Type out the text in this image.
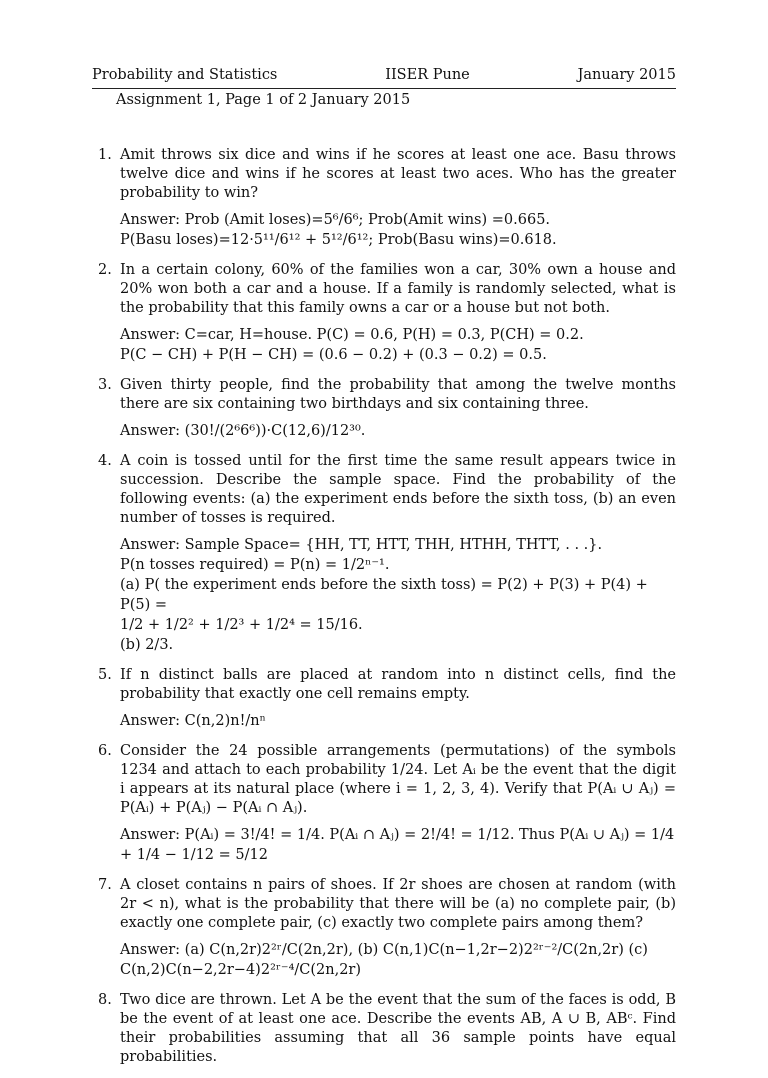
Probability and Statistics	IISER Pune	January 2015
Assignment 1, Page 1 of 2 January 2015
1. Amit throws six dice and wins if he scores at least one ace. Basu throws twelve dice and wins if he scores at least two aces. Who has the greater probability to win?
Answer: Prob (Amit loses)=5⁶/6⁶; Prob(Amit wins) =0.665.
P(Basu loses)=12·5¹¹/6¹² + 5¹²/6¹²; Prob(Basu wins)=0.618.
2. In a certain colony, 60% of the families won a car, 30% own a house and 20% won both a car and a house. If a family is randomly selected, what is the probability that this family owns a car or a house but not both.
Answer: C=car, H=house. P(C) = 0.6, P(H) = 0.3, P(CH) = 0.2.
P(C − CH) + P(H − CH) = (0.6 − 0.2) + (0.3 − 0.2) = 0.5.
3. Given thirty people, find the probability that among the twelve months there are six containing two birthdays and six containing three.
Answer: (30!/(2⁶6⁶))·C(12,6)/12³⁰.
4. A coin is tossed until for the first time the same result appears twice in succession. Describe the sample space. Find the probability of the following events: (a) the experiment ends before the sixth toss, (b) an even number of tosses is required.
Answer: Sample Space= {HH, TT, HTT, THH, HTHH, THTT, . . .}.
P(n tosses required) = P(n) = 1/2ⁿ⁻¹.
(a) P( the experiment ends before the sixth toss) = P(2) + P(3) + P(4) + P(5) =
1/2 + 1/2² + 1/2³ + 1/2⁴ = 15/16.
(b) 2/3.
5. If n distinct balls are placed at random into n distinct cells, find the probability that exactly one cell remains empty.
Answer: C(n,2)n!/nⁿ
6. Consider the 24 possible arrangements (permutations) of the symbols 1234 and attach to each probability 1/24. Let Aᵢ be the event that the digit i appears at its natural place (where i = 1, 2, 3, 4). Verify that P(Aᵢ ∪ Aⱼ) = P(Aᵢ) + P(Aⱼ) − P(Aᵢ ∩ Aⱼ).
Answer: P(Aᵢ) = 3!/4! = 1/4. P(Aᵢ ∩ Aⱼ) = 2!/4! = 1/12. Thus P(Aᵢ ∪ Aⱼ) = 1/4 + 1/4 − 1/12 = 5/12
7. A closet contains n pairs of shoes. If 2r shoes are chosen at random (with 2r < n), what is the probability that there will be (a) no complete pair, (b) exactly one complete pair, (c) exactly two complete pairs among them?
Answer: (a) C(n,2r)2²ʳ/C(2n,2r), (b) C(n,1)C(n−1,2r−2)2²ʳ⁻²/C(2n,2r) (c) C(n,2)C(n−2,2r−4)2²ʳ⁻⁴/C(2n,2r)
8. Two dice are thrown. Let A be the event that the sum of the faces is odd, B be the event of at least one ace. Describe the events AB, A ∪ B, ABᶜ. Find their probabilities assuming that all 36 sample points have equal probabilities.
